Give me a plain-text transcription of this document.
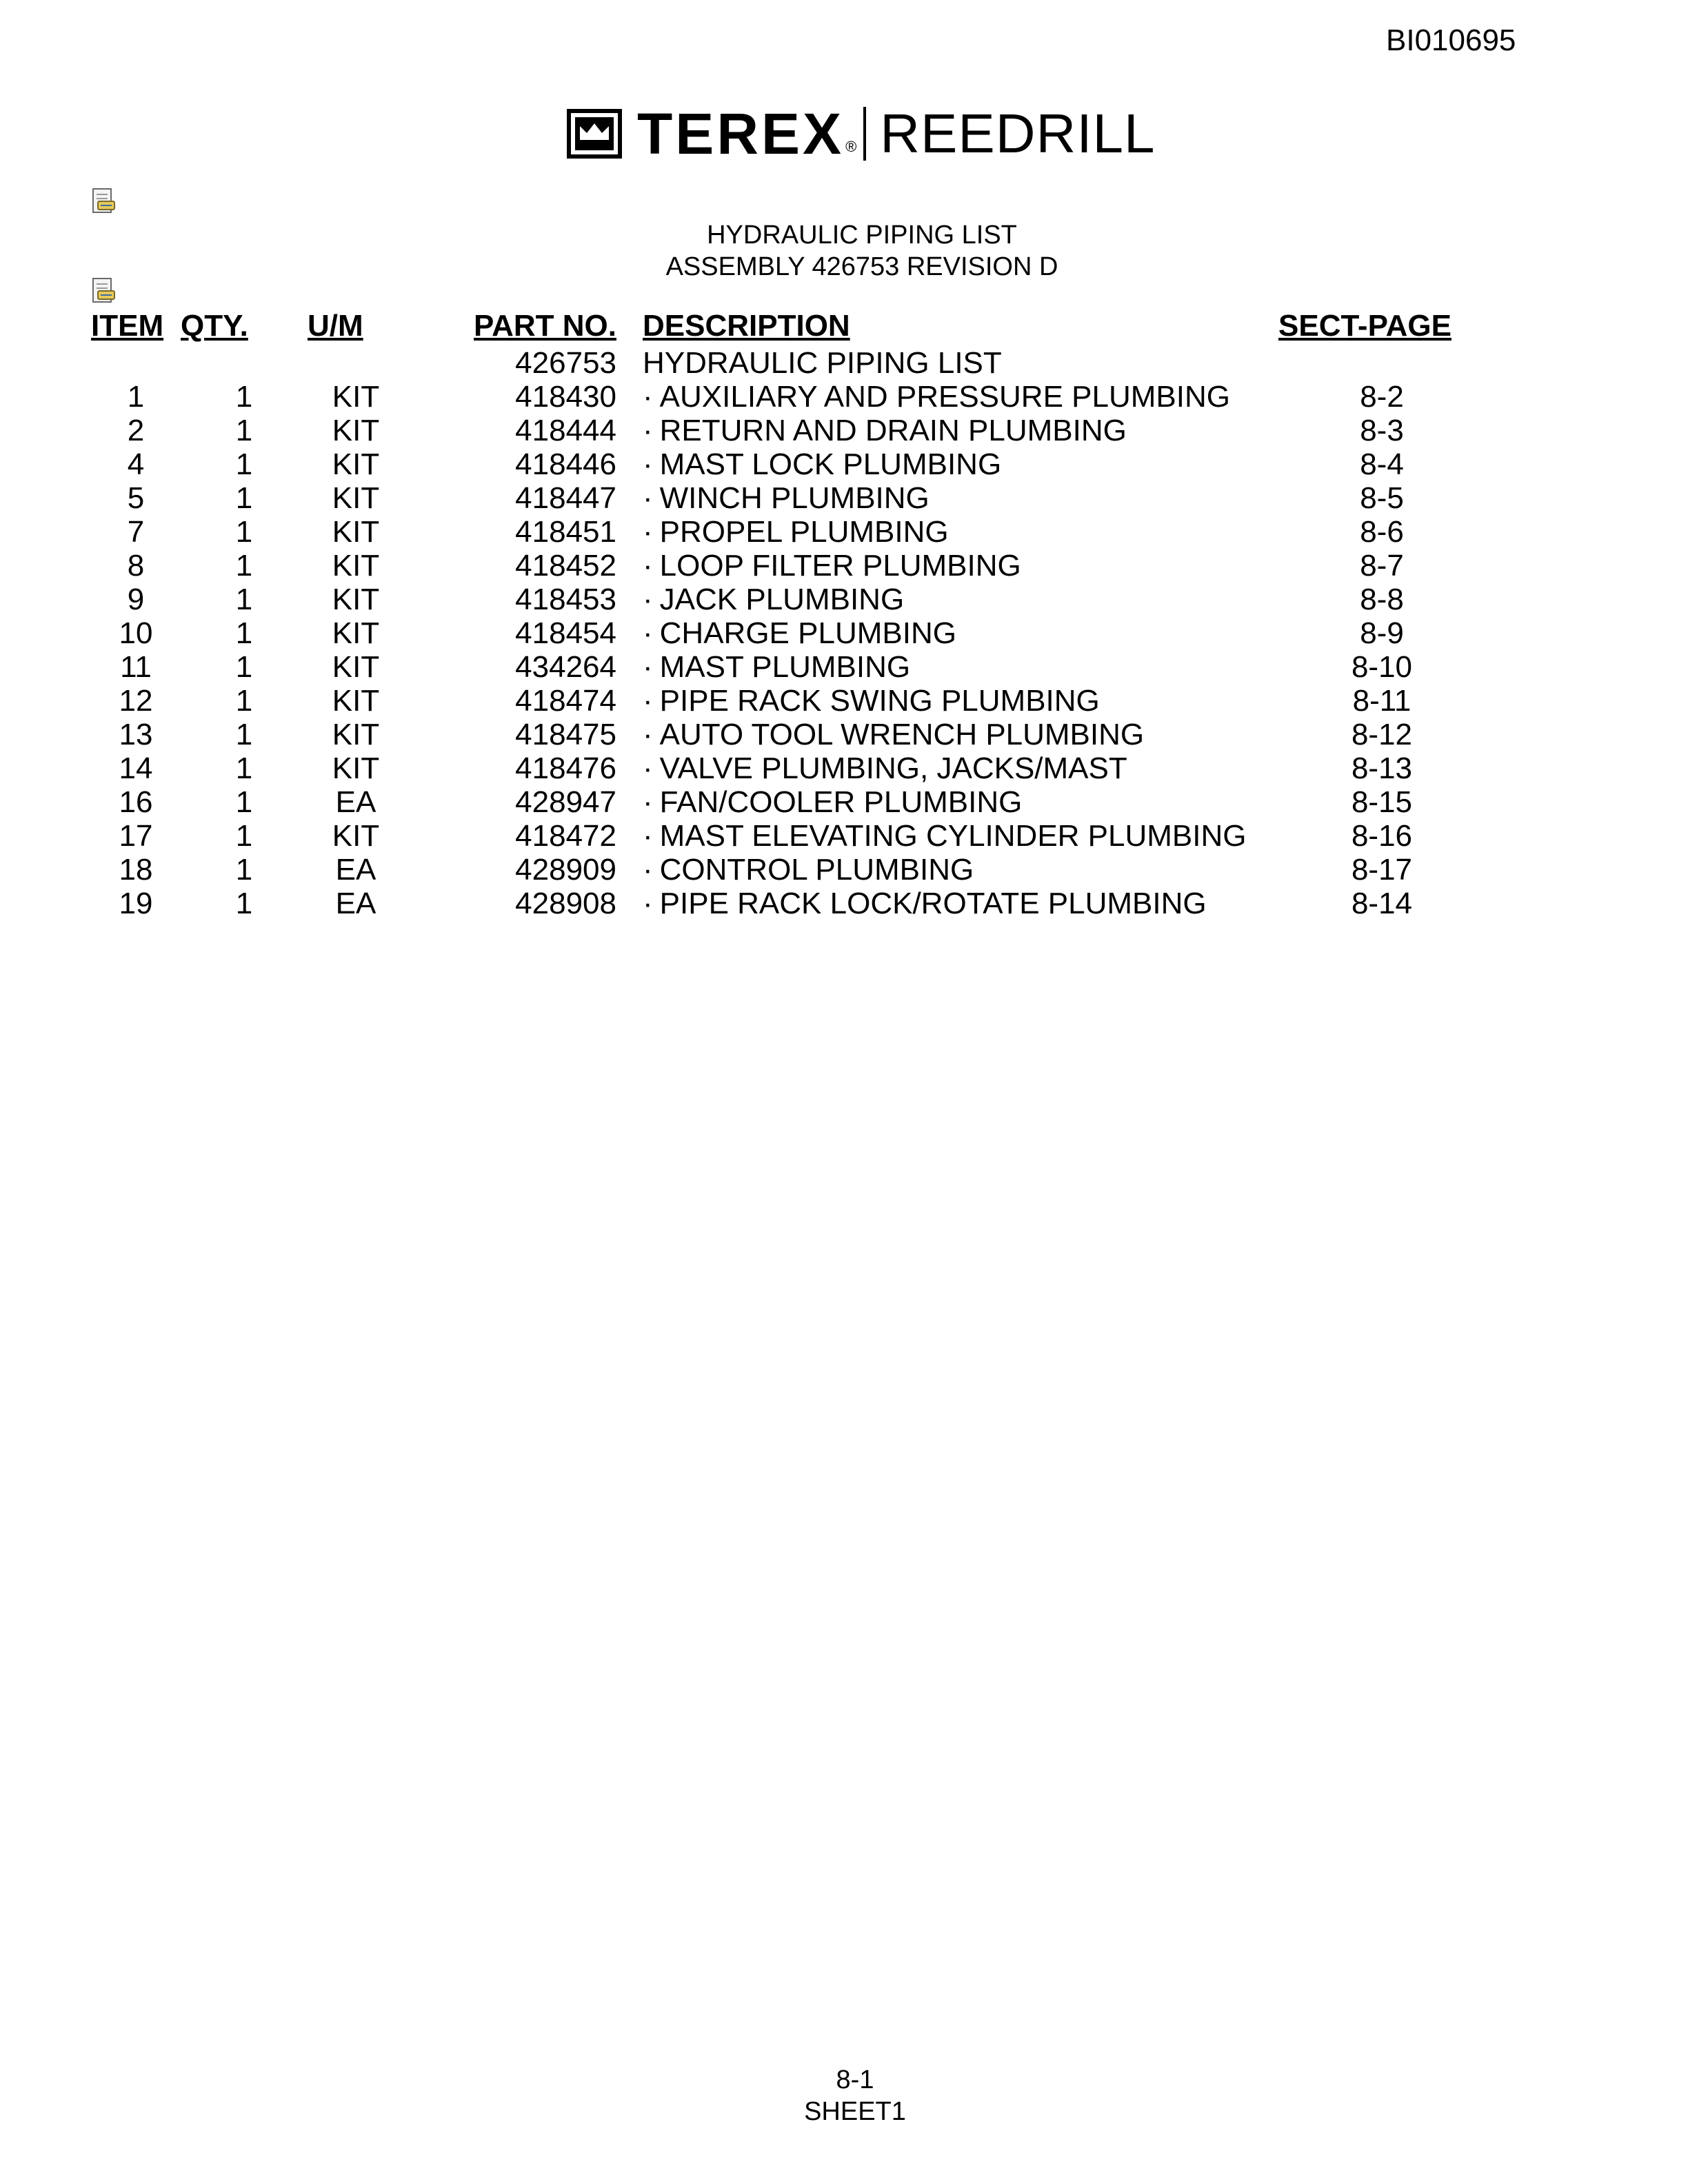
BI010695
TEREX ® REEDRILL
HYDRAULIC PIPING LIST
ASSEMBLY 426753 REVISION D
ITEM	QTY.	U/M	PART NO.	DESCRIPTION	SECT-PAGE
			426753	HYDRAULIC PIPING LIST	
1	1	KIT	418430	· AUXILIARY AND PRESSURE PLUMBING	8-2
2	1	KIT	418444	· RETURN AND DRAIN PLUMBING	8-3
4	1	KIT	418446	· MAST LOCK PLUMBING	8-4
5	1	KIT	418447	· WINCH PLUMBING	8-5
7	1	KIT	418451	· PROPEL PLUMBING	8-6
8	1	KIT	418452	· LOOP FILTER PLUMBING	8-7
9	1	KIT	418453	· JACK PLUMBING	8-8
10	1	KIT	418454	· CHARGE PLUMBING	8-9
11	1	KIT	434264	· MAST PLUMBING	8-10
12	1	KIT	418474	· PIPE RACK SWING PLUMBING	8-11
13	1	KIT	418475	· AUTO TOOL WRENCH PLUMBING	8-12
14	1	KIT	418476	· VALVE PLUMBING, JACKS/MAST	8-13
16	1	EA	428947	· FAN/COOLER PLUMBING	8-15
17	1	KIT	418472	· MAST ELEVATING CYLINDER PLUMBING	8-16
18	1	EA	428909	· CONTROL PLUMBING	8-17
19	1	EA	428908	· PIPE RACK LOCK/ROTATE PLUMBING	8-14
8-1
SHEET1
